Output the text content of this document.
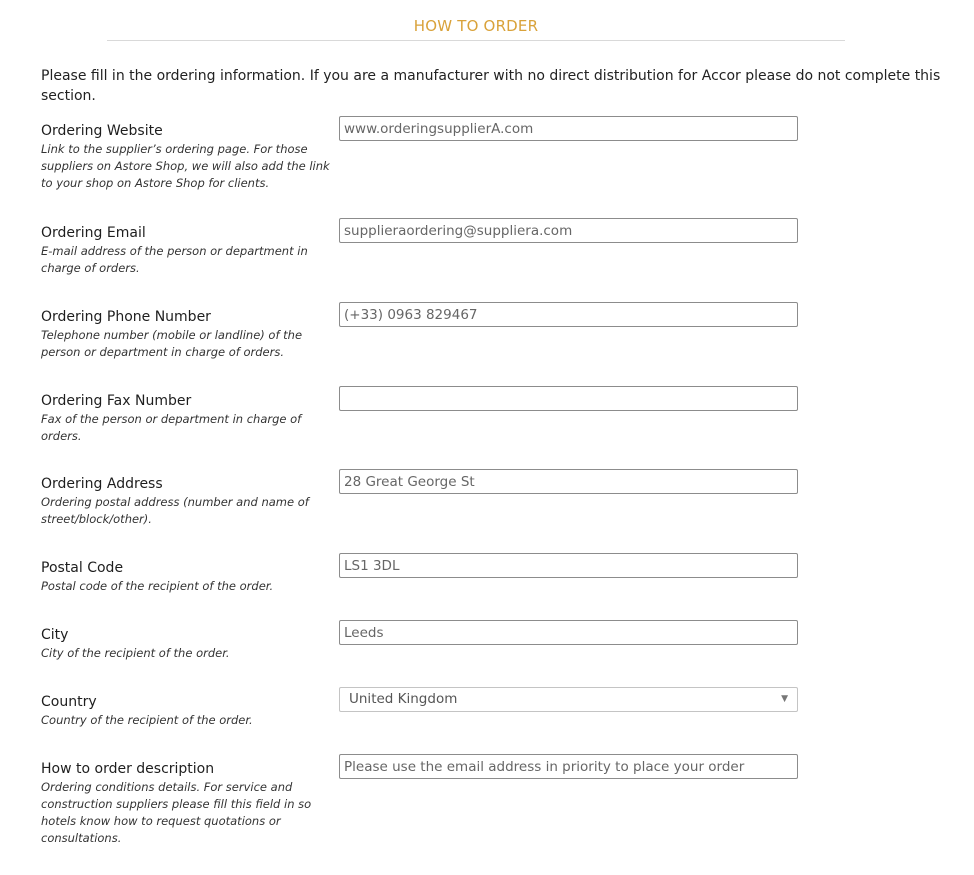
HOW TO ORDER

Please fill in the ordering information. If you are a manufacturer with no direct distribution for Accor please do not complete this section.

Ordering Website
Link to the supplier’s ordering page. For those suppliers on Astore Shop, we will also add the link to your shop on Astore Shop for clients.
www.orderingsupplierA.com
Ordering Email
E-mail address of the person or department in charge of orders.
supplieraordering@suppliera.com
Ordering Phone Number
Telephone number (mobile or landline) of the person or department in charge of orders.
(+33) 0963 829467
Ordering Fax Number
Fax of the person or department in charge of orders.
Ordering Address
Ordering postal address (number and name of street/block/other).
28 Great George St
Postal Code
Postal code of the recipient of the order.
LS1 3DL
City
City of the recipient of the order.
Leeds
Country
Country of the recipient of the order.
United Kingdom	▼
How to order description
Ordering conditions details. For service and construction suppliers please fill this field in so hotels know how to request quotations or consultations.
Please use the email address in priority to place your order
